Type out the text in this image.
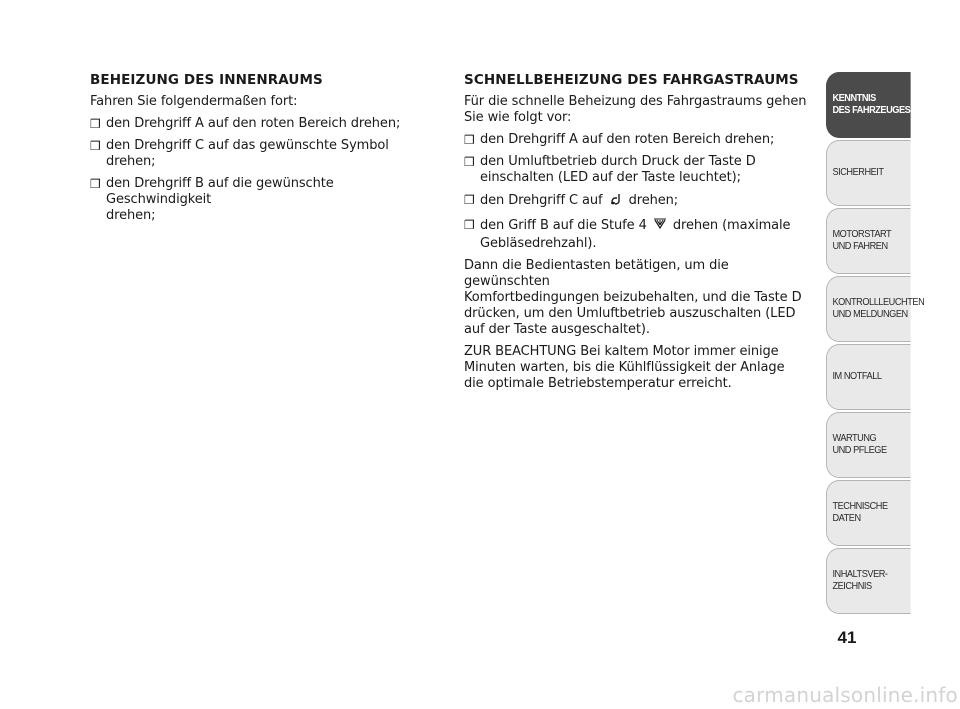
BEHEIZUNG DES INNENRAUMS
Fahren Sie folgendermaßen fort:
❒ den Drehgriff A auf den roten Bereich drehen;
❒ den Drehgriff C auf das gewünschte Symbol drehen;
❒ den Drehgriff B auf die gewünschte Geschwindigkeit
drehen;
SCHNELLBEHEIZUNG DES FAHRGASTRAUMS
Für die schnelle Beheizung des Fahrgastraums gehen
Sie wie folgt vor:
❒ den Drehgriff A auf den roten Bereich drehen;
❒ den Umluftbetrieb durch Druck der Taste D
einschalten (LED auf der Taste leuchtet);
❒ den Drehgriff C auf drehen;
❒ den Griff B auf die Stufe 4 drehen (maximale
Gebläsedrehzahl).
Dann die Bedientasten betätigen, um die gewünschten
Komfortbedingungen beizubehalten, und die Taste D
drücken, um den Umluftbetrieb auszuschalten (LED
auf der Taste ausgeschaltet).
ZUR BEACHTUNG Bei kaltem Motor immer einige
Minuten warten, bis die Kühlflüssigkeit der Anlage
die optimale Betriebstemperatur erreicht.
KENNTNIS
DES FAHRZEUGES
SICHERHEIT
MOTORSTART
UND FAHREN
KONTROLLLEUCHTEN
UND MELDUNGEN
IM NOTFALL
WARTUNG
UND PFLEGE
TECHNISCHE
DATEN
INHALTSVER-
ZEICHNIS
41
carmanualsonline.info
